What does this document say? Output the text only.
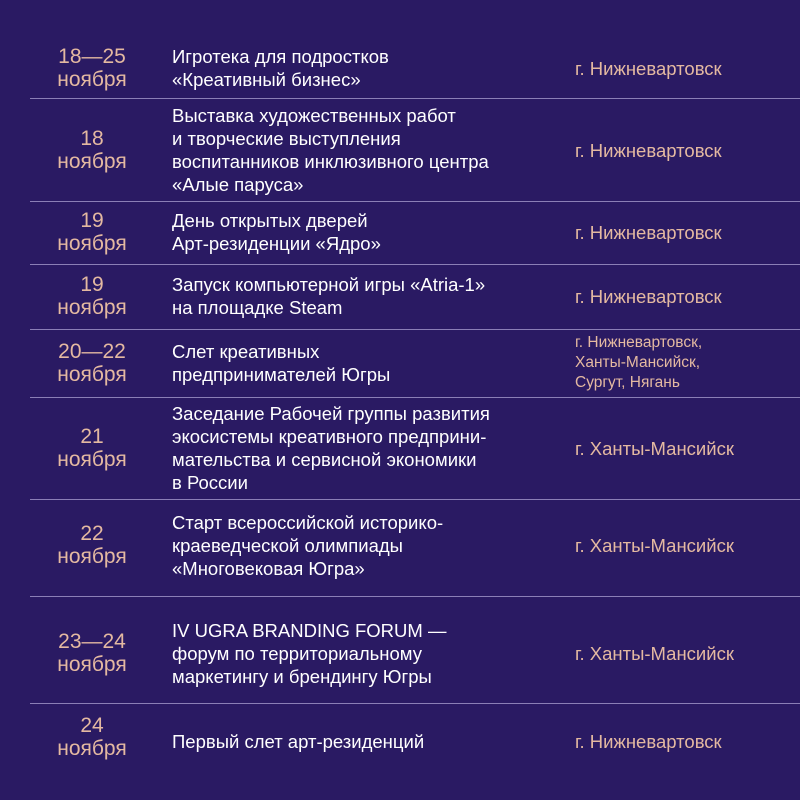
18—25
ноября
Игротека для подростков
«Креативный бизнес»
г. Нижневартовск
18
ноября
Выставка художественных работ
и творческие выступления
воспитанников инклюзивного центра
«Алые паруса»
г. Нижневартовск
19
ноября
День открытых дверей
Арт-резиденции «Ядро»
г. Нижневартовск
19
ноября
Запуск компьютерной игры «Atria-1»
на площадке Steam
г. Нижневартовск
20—22
ноября
Слет креативных
предпринимателей Югры
г. Нижневартовск,
Ханты-Мансийск,
Сургут, Нягань
21
ноября
Заседание Рабочей группы развития
экосистемы креативного предприни-
мательства и сервисной экономики
в России
г. Ханты-Мансийск
22
ноября
Старт всероссийской историко-
краеведческой олимпиады
«Многовековая Югра»
г. Ханты-Мансийск
23—24
ноября
IV UGRA BRANDING FORUM —
форум по территориальному
маркетингу и брендингу Югры
г. Ханты-Мансийск
24
ноября	Первый слет арт-резиденций	г. Нижневартовск
